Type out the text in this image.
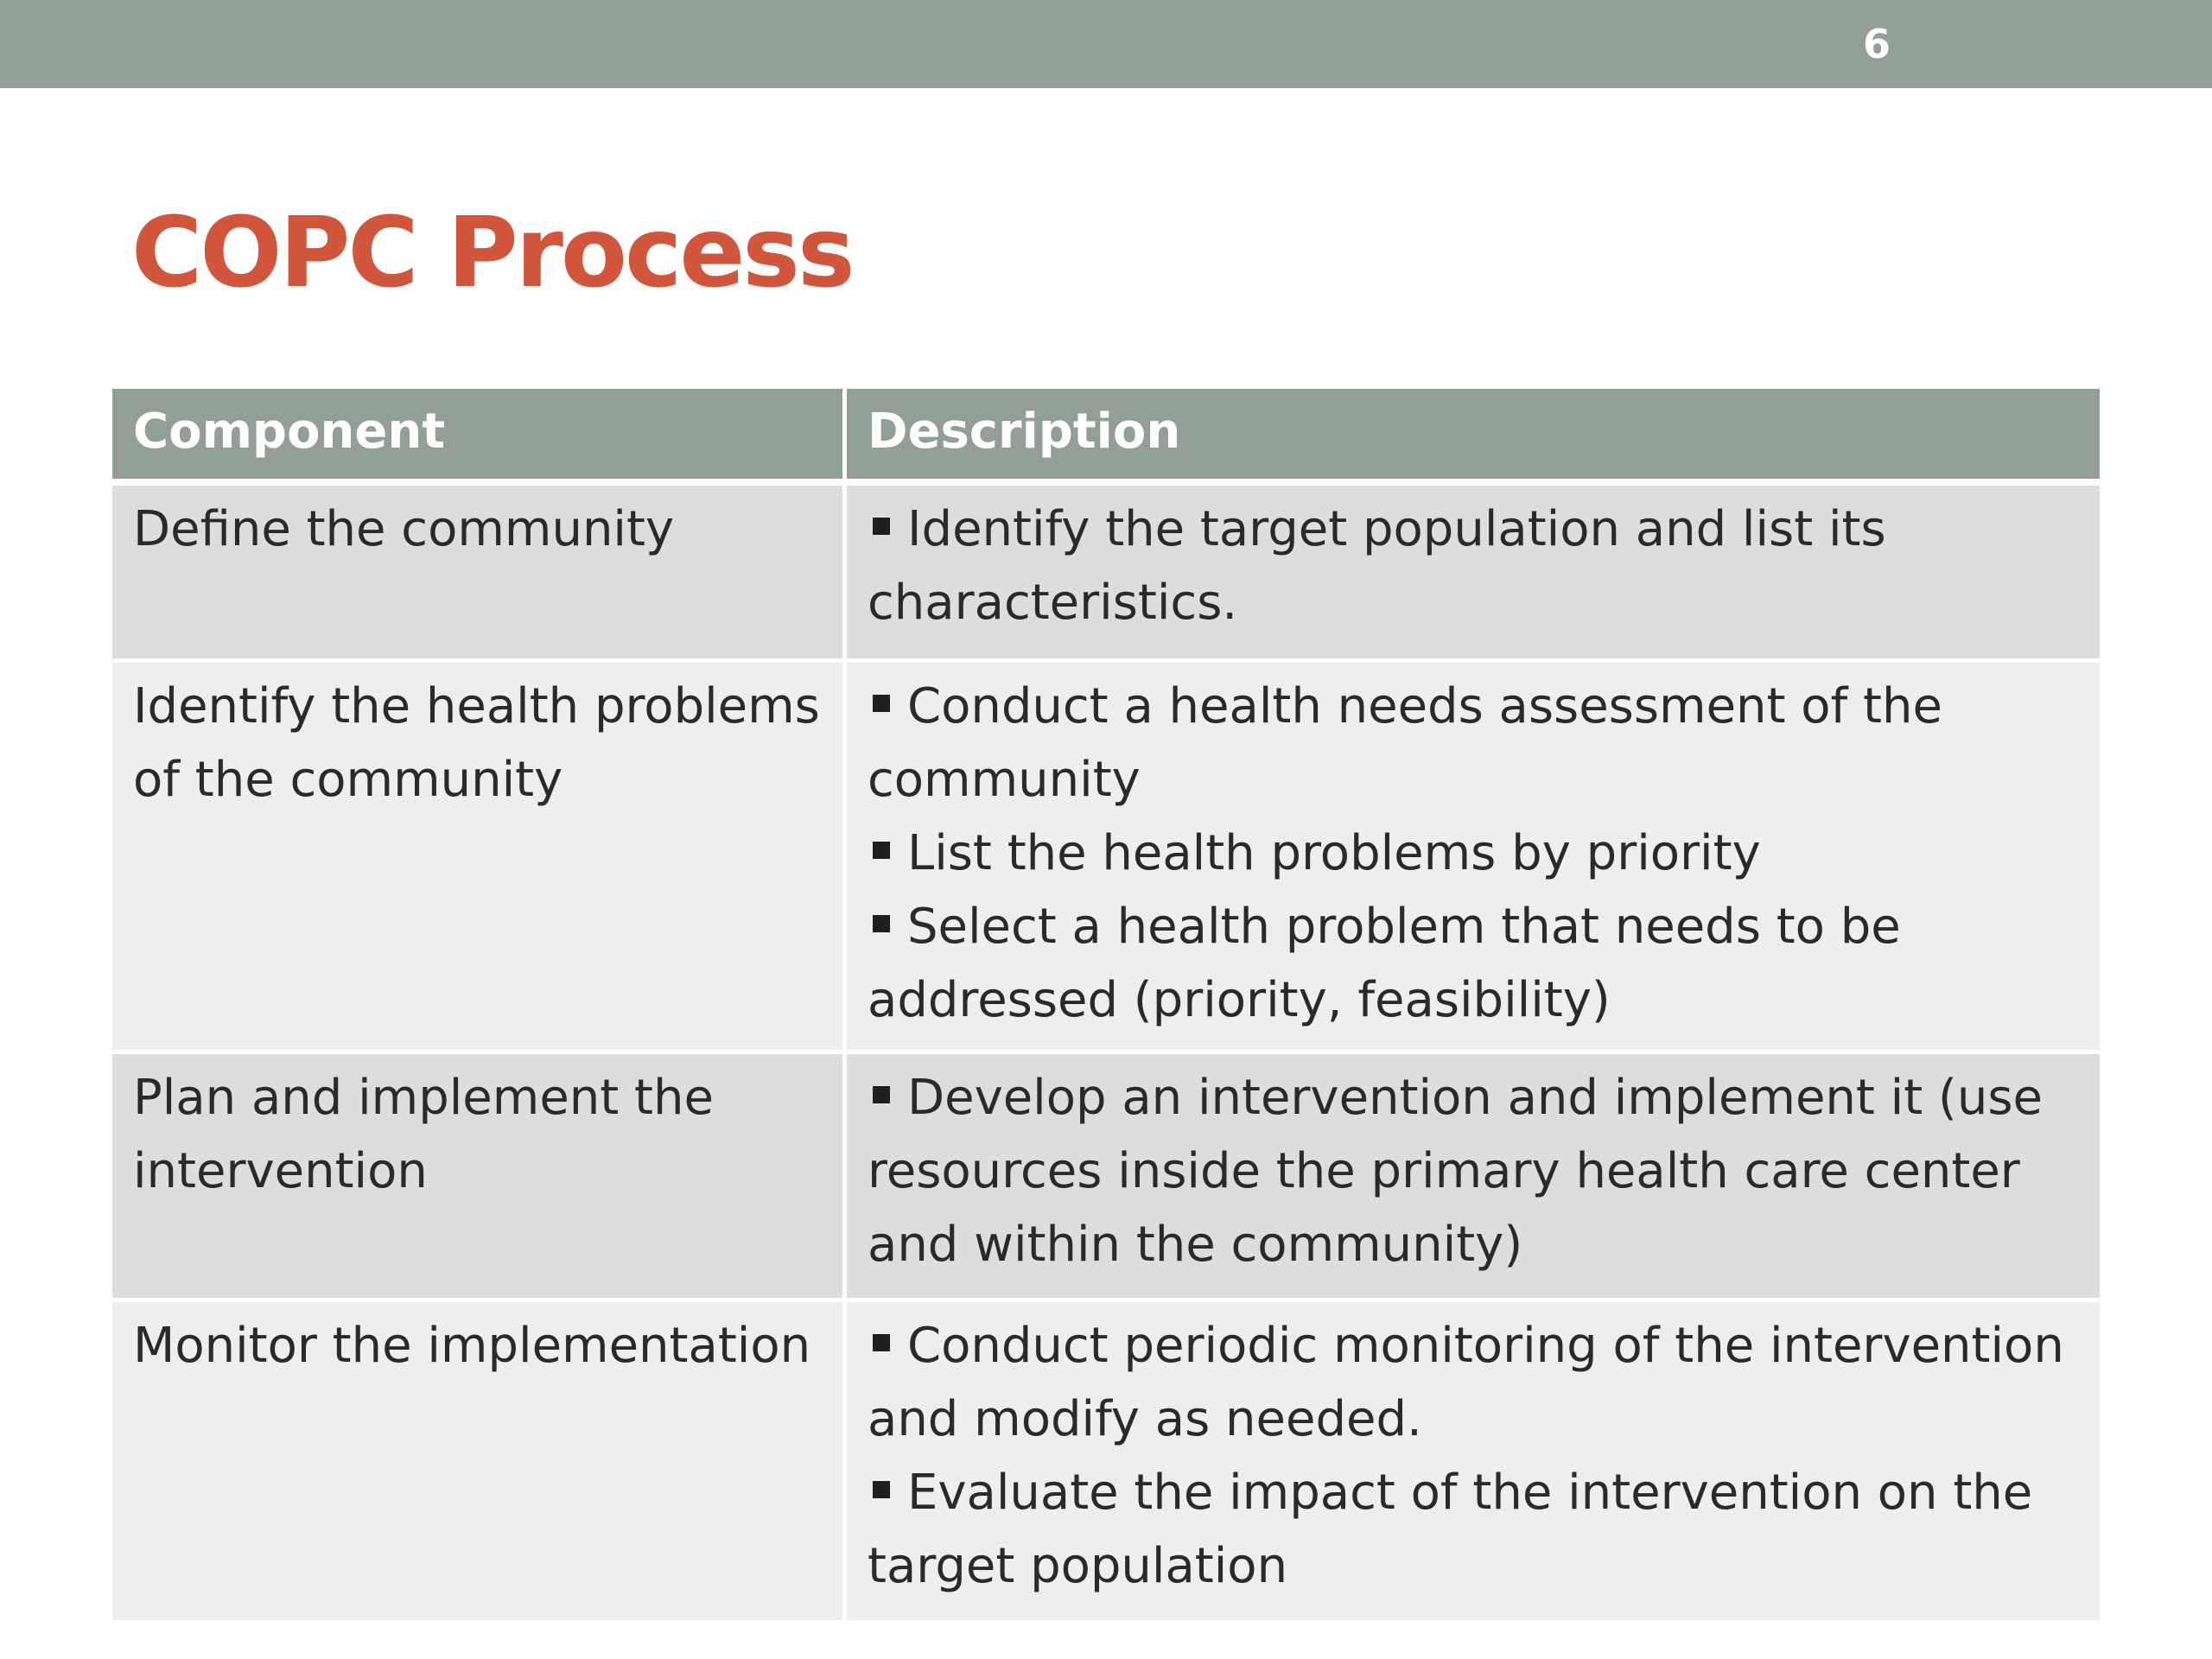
6
COPC Process
Component	Description
Define the community	Identify the target population and list its characteristics.

Identify the health problems of the community	Conduct a health needs assessment of the community
List the health problems by priority
Select a health problem that needs to be addressed (priority, feasibility)

Plan and implement the intervention	Develop an intervention and implement it (use resources inside the primary health care center and within the community)

Monitor the implementation	Conduct periodic monitoring of the intervention and modify as needed.
Evaluate the impact of the intervention on the target population
